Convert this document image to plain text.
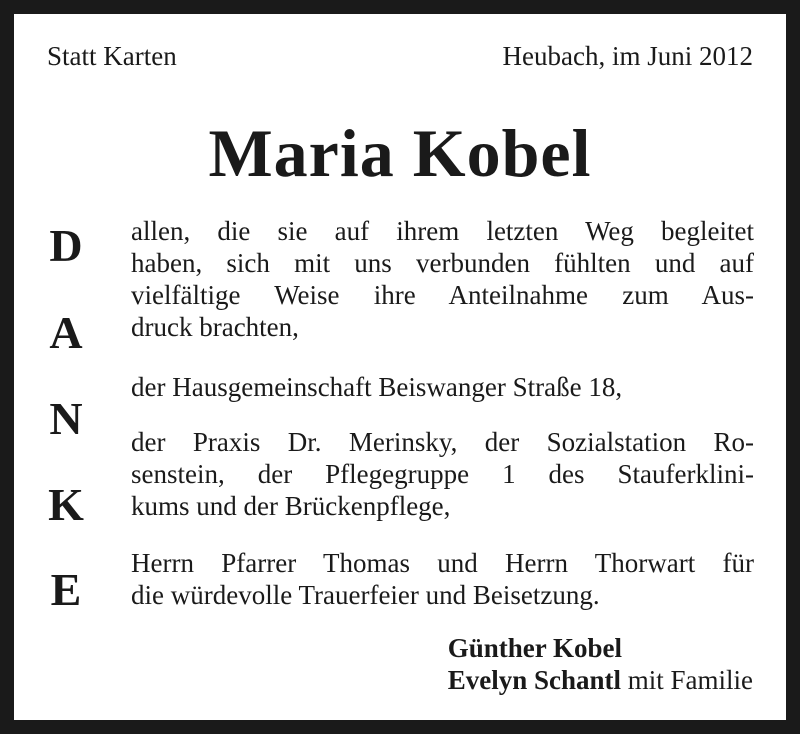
Statt Karten	Heubach, im Juni 2012
Maria Kobel
D
A
N
K
E
allen, die sie auf ihrem letzten Weg begleitet
haben, sich mit uns verbunden fühlten und auf
vielfältige Weise ihre Anteilnahme zum Aus-
druck brachten,
der Hausgemeinschaft Beiswanger Straße 18,
der Praxis Dr. Merinsky, der Sozialstation Ro-
senstein, der Pflegegruppe 1 des Stauferklini-
kums und der Brückenpflege,
Herrn Pfarrer Thomas und Herrn Thorwart für
die würdevolle Trauerfeier und Beisetzung.
Günther Kobel
Evelyn Schantl mit Familie
